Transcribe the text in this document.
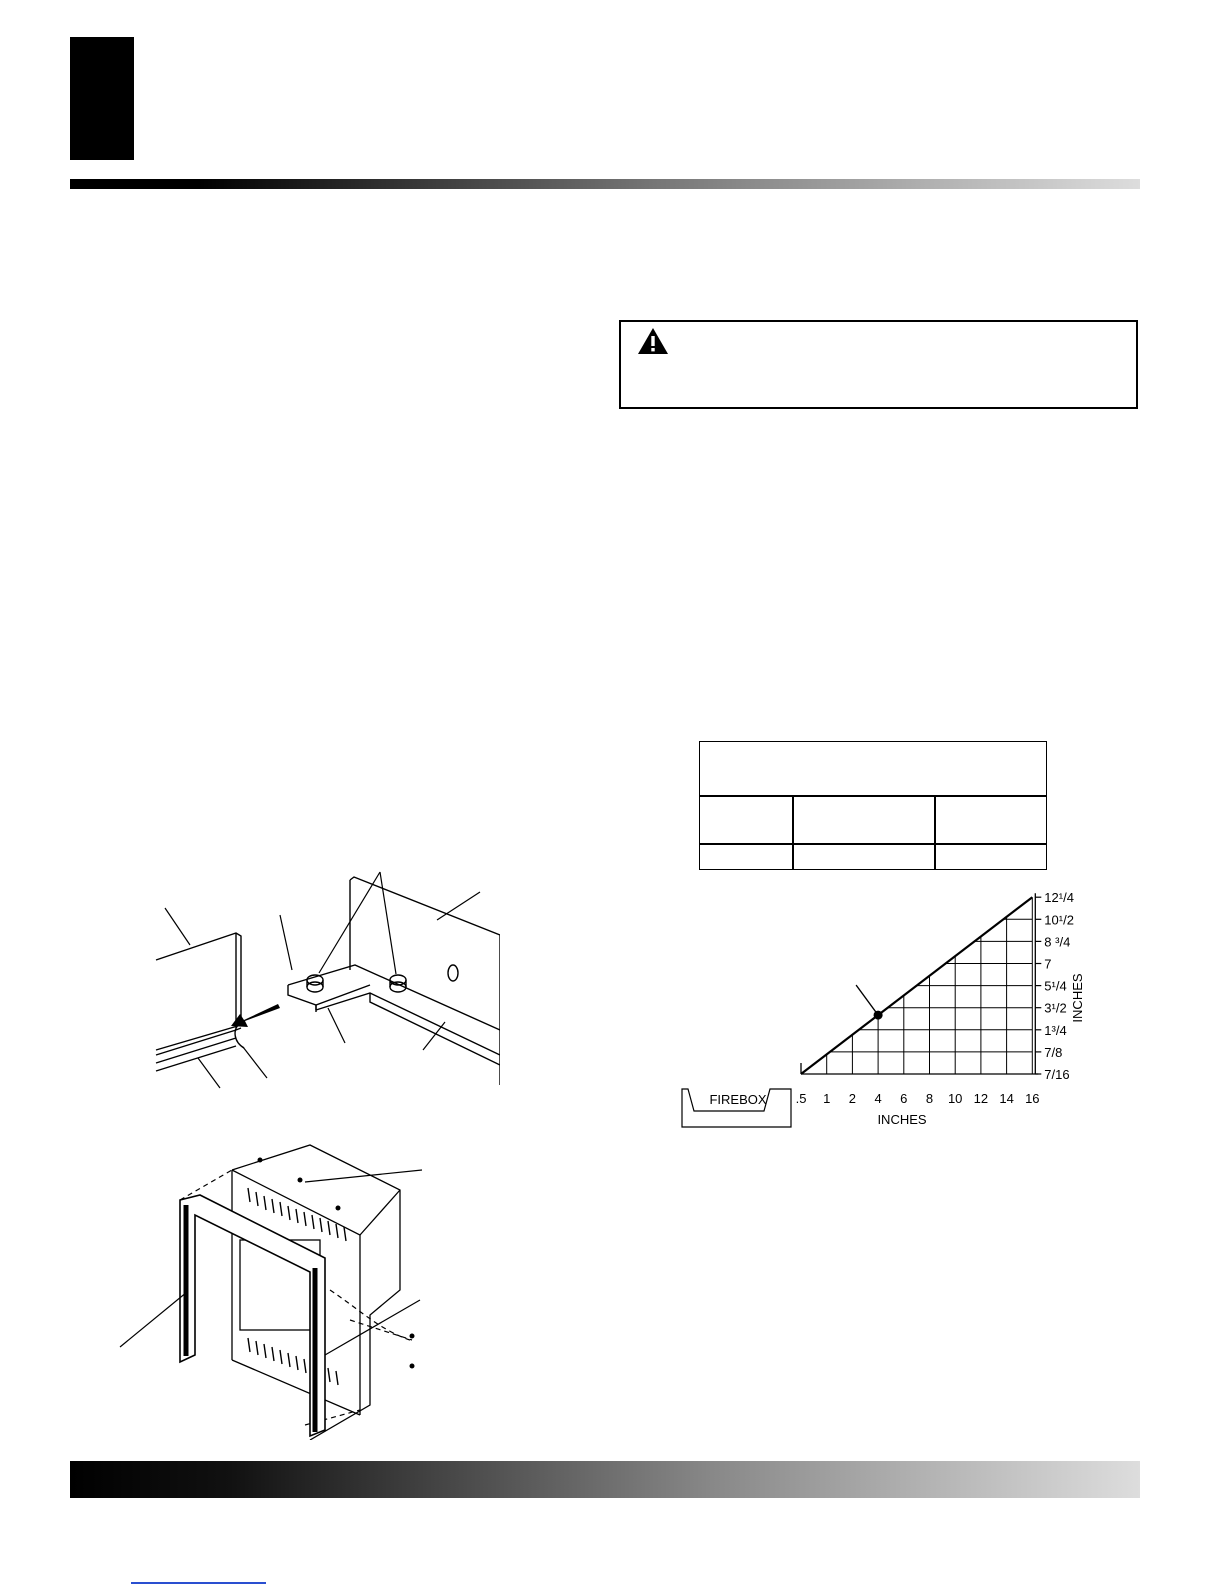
.5 1 2 4 6 8 10 12 14 16
7/16
7/8
1³/4
3¹/2
5¹/4
7
8 ³/4
10¹/2
12¹/4
FIREBOX
INCHES
INCHES
